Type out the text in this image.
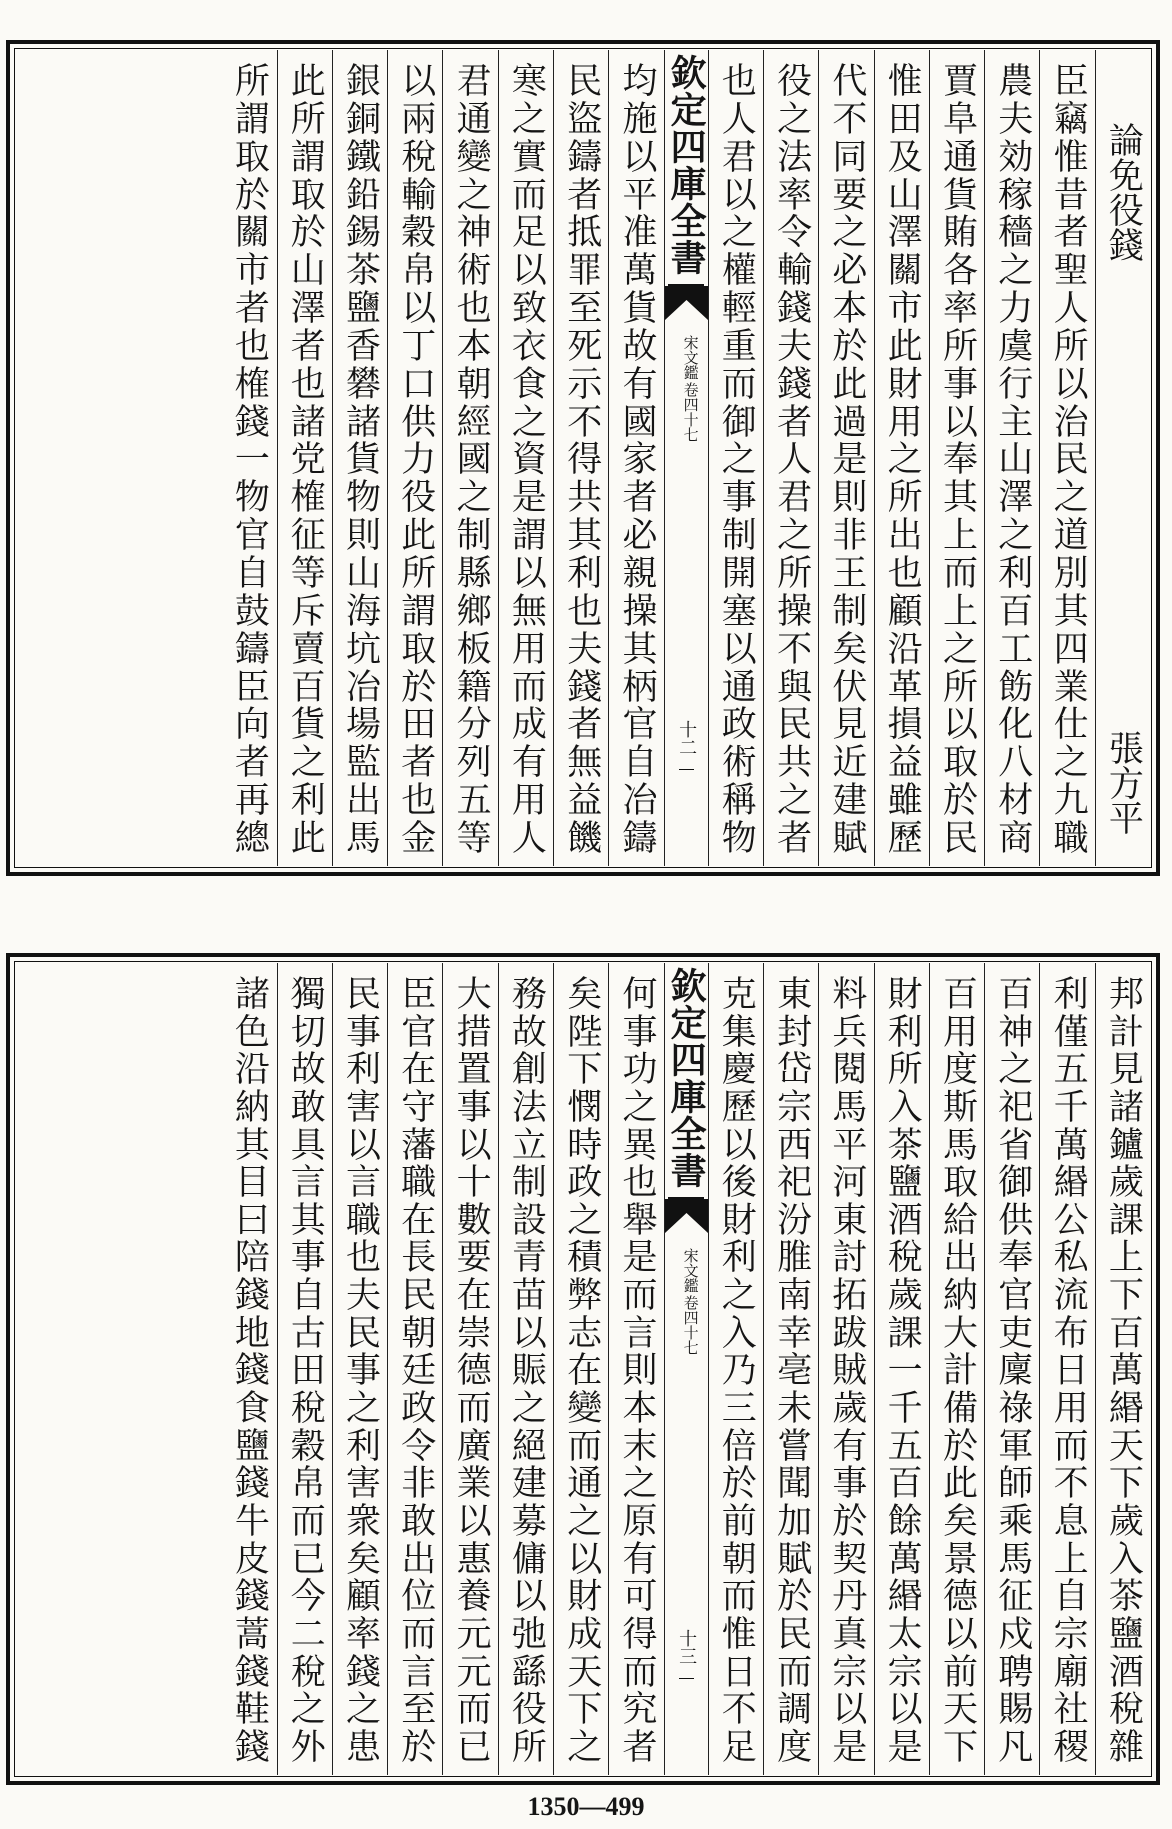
論免役錢
張方平
臣
竊
惟
昔
者
聖
人
所
以
治
民
之
道
別
其
四
業
仕
之
九
職
農
夫
効
稼
穡
之
力
虞
行
主
山
澤
之
利
百
工
飭
化
八
材
商
賈
阜
通
貨
賄
各
率
所
事
以
奉
其
上
而
上
之
所
以
取
於
民
惟
田
及
山
澤
關
市
此
財
用
之
所
出
也
顧
沿
革
損
益
雖
歷
代
不
同
要
之
必
本
於
此
過
是
則
非
王
制
矣
伏
見
近
建
賦
役
之
法
率
令
輸
錢
夫
錢
者
人
君
之
所
操
不
與
民
共
之
者
也
人
君
以
之
權
輕
重
而
御
之
事
制
開
塞
以
通
政
術
稱
物
欽定四庫全書
宋文鑑
卷四十七
十二
均
施
以
平
准
萬
貨
故
有
國
家
者
必
親
操
其
柄
官
自
冶
鑄
民
盜
鑄
者
抵
罪
至
死
示
不
得
共
其
利
也
夫
錢
者
無
益
饑
寒
之
實
而
足
以
致
衣
食
之
資
是
謂
以
無
用
而
成
有
用
人
君
通
變
之
神
術
也
本
朝
經
國
之
制
縣
鄉
板
籍
分
列
五
等
以
兩
稅
輸
穀
帛
以
丁
口
供
力
役
此
所
謂
取
於
田
者
也
金
銀
銅
鐵
鉛
錫
茶
鹽
香
礬
諸
貨
物
則
山
海
坑
冶
場
監
出
馬
此
所
謂
取
於
山
澤
者
也
諸
党
榷
征
等
斥
賣
百
貨
之
利
此
所
謂
取
於
關
市
者
也
榷
錢
一
物
官
自
鼓
鑄
臣
向
者
再
總
邦
計
見
諸
鑪
歲
課
上
下
百
萬
緡
天
下
歲
入
茶
鹽
酒
稅
雜
利
僅
五
千
萬
緡
公
私
流
布
日
用
而
不
息
上
自
宗
廟
社
稷
百
神
之
祀
省
御
供
奉
官
吏
廩
祿
軍
師
乘
馬
征
戍
聘
賜
凡
百
用
度
斯
馬
取
給
出
納
大
計
備
於
此
矣
景
德
以
前
天
下
財
利
所
入
茶
鹽
酒
稅
歲
課
一
千
五
百
餘
萬
緡
太
宗
以
是
料
兵
閱
馬
平
河
東
討
拓
跋
賊
歲
有
事
於
契
丹
真
宗
以
是
東
封
岱
宗
西
祀
汾
脽
南
幸
亳
未
嘗
聞
加
賦
於
民
而
調
度
克
集
慶
歷
以
後
財
利
之
入
乃
三
倍
於
前
朝
而
惟
日
不
足
欽定四庫全書
宋文鑑
卷四十七
十三
何
事
功
之
異
也
舉
是
而
言
則
本
末
之
原
有
可
得
而
究
者
矣
陛
下
憫
時
政
之
積
弊
志
在
變
而
通
之
以
財
成
天
下
之
務
故
創
法
立
制
設
青
苗
以
賑
之
絕
建
募
傭
以
弛
繇
役
所
大
措
置
事
以
十
數
要
在
崇
德
而
廣
業
以
惠
養
元
元
而
已
臣
官
在
守
藩
職
在
長
民
朝
廷
政
令
非
敢
出
位
而
言
至
於
民
事
利
害
以
言
職
也
夫
民
事
之
利
害
衆
矣
顧
率
錢
之
患
獨
切
故
敢
具
言
其
事
自
古
田
稅
穀
帛
而
已
今
二
稅
之
外
諸
色
沿
納
其
目
曰
陪
錢
地
錢
食
鹽
錢
牛
皮
錢
蒿
錢
鞋
錢
1350—499
